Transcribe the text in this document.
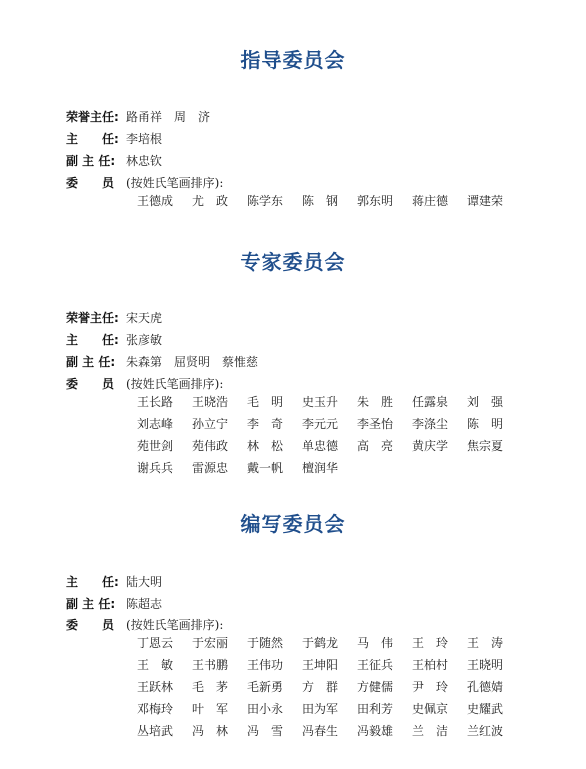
指导委员会
荣誉主任: 路甬祥　周　济
主　　任: 李培根
副 主 任: 林忠钦
委　　员 (按姓氏笔画排序):
王德成 尤　政 陈学东 陈　钢 郭东明 蒋庄德 谭建荣
专家委员会
荣誉主任: 宋天虎
主　　任: 张彦敏
副 主 任: 朱森第　屈贤明　蔡惟慈
委　　员 (按姓氏笔画排序):
王长路 王晓浩 毛　明 史玉升 朱　胜 任露泉 刘　强
刘志峰 孙立宁 李　奇 李元元 李圣怡 李涤尘 陈　明
苑世剑 苑伟政 林　松 单忠德 高　亮 黄庆学 焦宗夏
谢兵兵 雷源忠 戴一帆 檀润华
编写委员会
主　　任: 陆大明
副 主 任: 陈超志
委　　员 (按姓氏笔画排序):
丁恩云 于宏丽 于随然 于鹤龙 马　伟 王　玲 王　涛
王　敏 王书鹏 王伟功 王坤阳 王征兵 王柏村 王晓明
王跃林 毛　茅 毛新勇 方　群 方健儒 尹　玲 孔德婧
邓梅玲 叶　军 田小永 田为军 田利芳 史佩京 史耀武
丛培武 冯　林 冯　雪 冯春生 冯毅雄 兰　洁 兰红波
